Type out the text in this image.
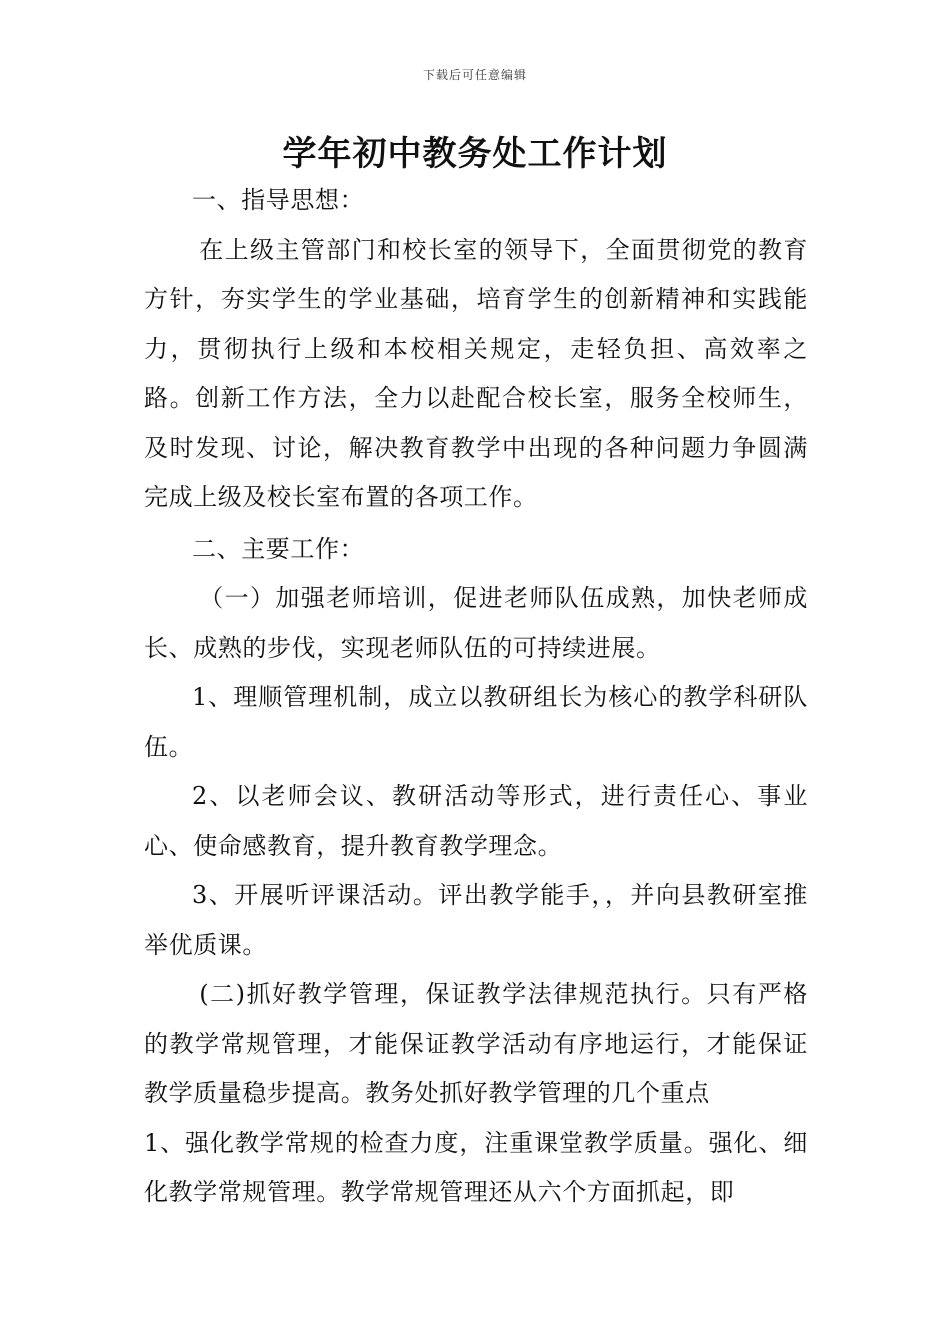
下载后可任意编辑
学年初中教务处工作计划

一、指导思想：

在上级主管部门和校长室的领导下，全面贯彻党的教育方针，夯实学生的学业基础，培育学生的创新精神和实践能力，贯彻执行上级和本校相关规定，走轻负担、高效率之路。创新工作方法，全力以赴配合校长室，服务全校师生，及时发现、讨论，解决教育教学中出现的各种问题力争圆满完成上级及校长室布置的各项工作。

二、主要工作：

（一）加强老师培训，促进老师队伍成熟，加快老师成长、成熟的步伐，实现老师队伍的可持续进展。

1、理顺管理机制，成立以教研组长为核心的教学科研队伍。

2、以老师会议、教研活动等形式，进行责任心、事业心、使命感教育，提升教育教学理念。

3、开展听评课活动。评出教学能手，，并向县教研室推举优质课。

(二)抓好教学管理，保证教学法律规范执行。只有严格的教学常规管理，才能保证教学活动有序地运行，才能保证教学质量稳步提高。教务处抓好教学管理的几个重点

1、强化教学常规的检查力度，注重课堂教学质量。强化、细化教学常规管理。教学常规管理还从六个方面抓起，即
